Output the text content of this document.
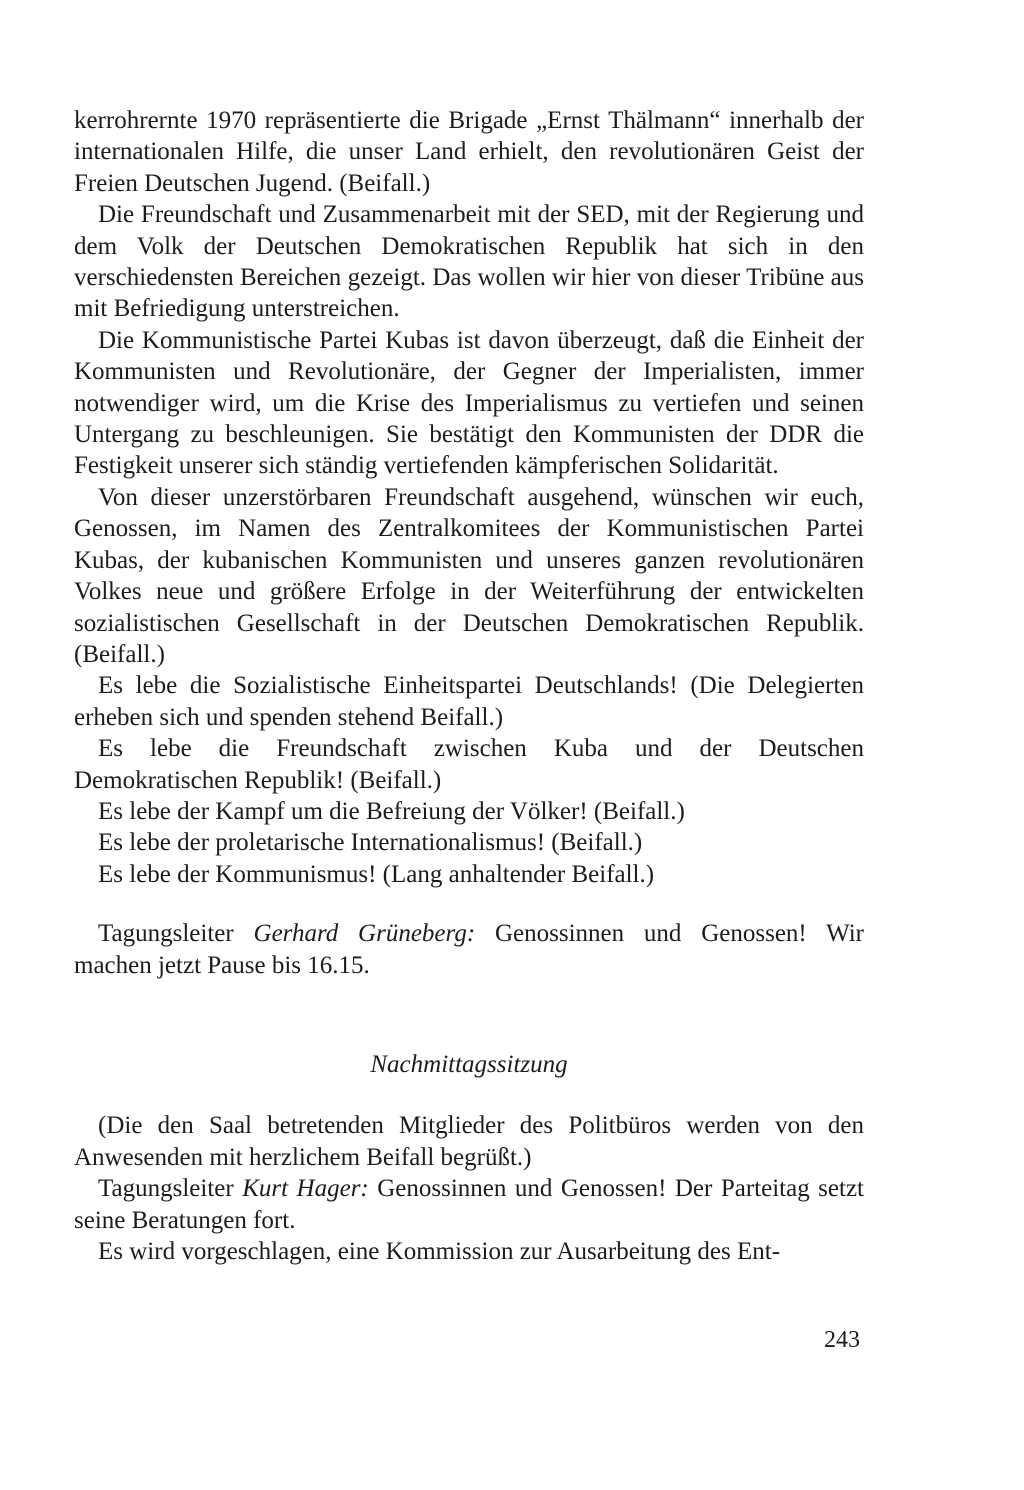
kerrohrernte 1970 repräsentierte die Brigade „Ernst Thälmann“ innerhalb der internationalen Hilfe, die unser Land erhielt, den revolutionären Geist der Freien Deutschen Jugend. (Beifall.)

Die Freundschaft und Zusammenarbeit mit der SED, mit der Regierung und dem Volk der Deutschen Demokratischen Republik hat sich in den verschiedensten Bereichen gezeigt. Das wollen wir hier von dieser Tribüne aus mit Befriedigung unterstreichen.

Die Kommunistische Partei Kubas ist davon überzeugt, daß die Einheit der Kommunisten und Revolutionäre, der Gegner der Imperialisten, immer notwendiger wird, um die Krise des Imperialismus zu vertiefen und seinen Untergang zu beschleunigen. Sie bestätigt den Kommunisten der DDR die Festigkeit unserer sich ständig vertiefenden kämpferischen Solidarität.

Von dieser unzerstörbaren Freundschaft ausgehend, wünschen wir euch, Genossen, im Namen des Zentralkomitees der Kommunistischen Partei Kubas, der kubanischen Kommunisten und unseres ganzen revolutionären Volkes neue und größere Erfolge in der Weiterführung der entwickelten sozialistischen Gesellschaft in der Deutschen Demokratischen Republik. (Beifall.)

Es lebe die Sozialistische Einheitspartei Deutschlands! (Die Delegierten erheben sich und spenden stehend Beifall.)

Es lebe die Freundschaft zwischen Kuba und der Deutschen Demokratischen Republik! (Beifall.)

Es lebe der Kampf um die Befreiung der Völker! (Beifall.)

Es lebe der proletarische Internationalismus! (Beifall.)

Es lebe der Kommunismus! (Lang anhaltender Beifall.)

Tagungsleiter Gerhard Grüneberg: Genossinnen und Genossen! Wir machen jetzt Pause bis 16.15.

Nachmittagssitzung

(Die den Saal betretenden Mitglieder des Politbüros werden von den Anwesenden mit herzlichem Beifall begrüßt.)

Tagungsleiter Kurt Hager: Genossinnen und Genossen! Der Parteitag setzt seine Beratungen fort.

Es wird vorgeschlagen, eine Kommission zur Ausarbeitung des Ent-

243
